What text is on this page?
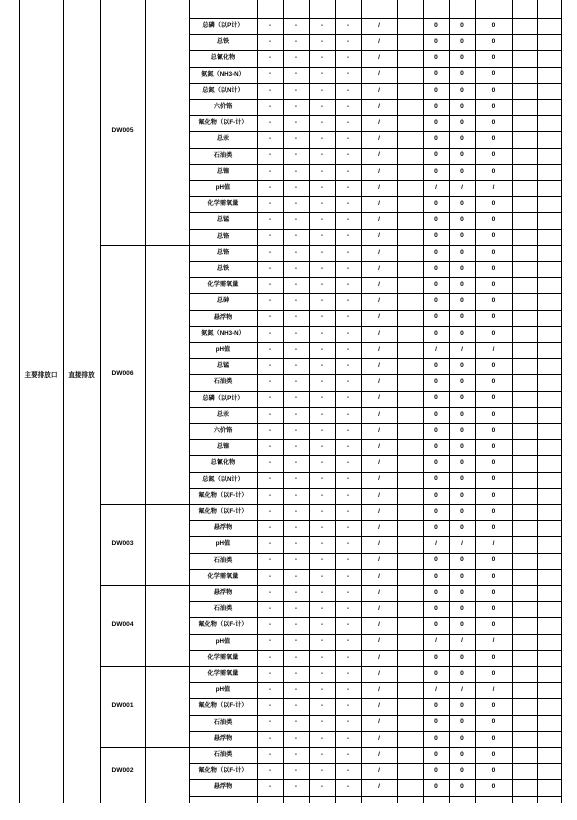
主要排放口	直接排放
DW005
总磷（以P计）	-	-	-	-	/	0	0	0
总铁	-	-	-	-	/	0	0	0
总氰化物	-	-	-	-	/	0	0	0
氨氮（NH3-N）	-	-	-	-	/	0	0	0
总氮（以N计）	-	-	-	-	/	0	0	0
六价铬	-	-	-	-	/	0	0	0
氟化物（以F-计）	-	-	-	-	/	0	0	0
总汞	-	-	-	-	/	0	0	0
石油类	-	-	-	-	/	0	0	0
总镍	-	-	-	-	/	0	0	0
pH值	-	-	-	-	/	/	/	/
化学需氧量	-	-	-	-	/	0	0	0
总锰	-	-	-	-	/	0	0	0
总铬	-	-	-	-	/	0	0	0
DW006
总铬	-	-	-	-	/	0	0	0
总铁	-	-	-	-	/	0	0	0
化学需氧量	-	-	-	-	/	0	0	0
总砷	-	-	-	-	/	0	0	0
悬浮物	-	-	-	-	/	0	0	0
氨氮（NH3-N）	-	-	-	-	/	0	0	0
pH值	-	-	-	-	/	/	/	/
总锰	-	-	-	-	/	0	0	0
石油类	-	-	-	-	/	0	0	0
总磷（以P计）	-	-	-	-	/	0	0	0
总汞	-	-	-	-	/	0	0	0
六价铬	-	-	-	-	/	0	0	0
总镍	-	-	-	-	/	0	0	0
总氰化物	-	-	-	-	/	0	0	0
总氮（以N计）	-	-	-	-	/	0	0	0
氟化物（以F-计）	-	-	-	-	/	0	0	0
DW003
氟化物（以F-计）	-	-	-	-	/	0	0	0
悬浮物	-	-	-	-	/	0	0	0
pH值	-	-	-	-	/	/	/	/
石油类	-	-	-	-	/	0	0	0
化学需氧量	-	-	-	-	/	0	0	0
DW004
悬浮物	-	-	-	-	/	0	0	0
石油类	-	-	-	-	/	0	0	0
氟化物（以F-计）	-	-	-	-	/	0	0	0
pH值	-	-	-	-	/	/	/	/
化学需氧量	-	-	-	-	/	0	0	0
DW001
化学需氧量	-	-	-	-	/	0	0	0
pH值	-	-	-	-	/	/	/	/
氟化物（以F-计）	-	-	-	-	/	0	0	0
石油类	-	-	-	-	/	0	0	0
悬浮物	-	-	-	-	/	0	0	0
DW002
石油类	-	-	-	-	/	0	0	0
氟化物（以F-计）	-	-	-	-	/	0	0	0
悬浮物	-	-	-	-	/	0	0	0
